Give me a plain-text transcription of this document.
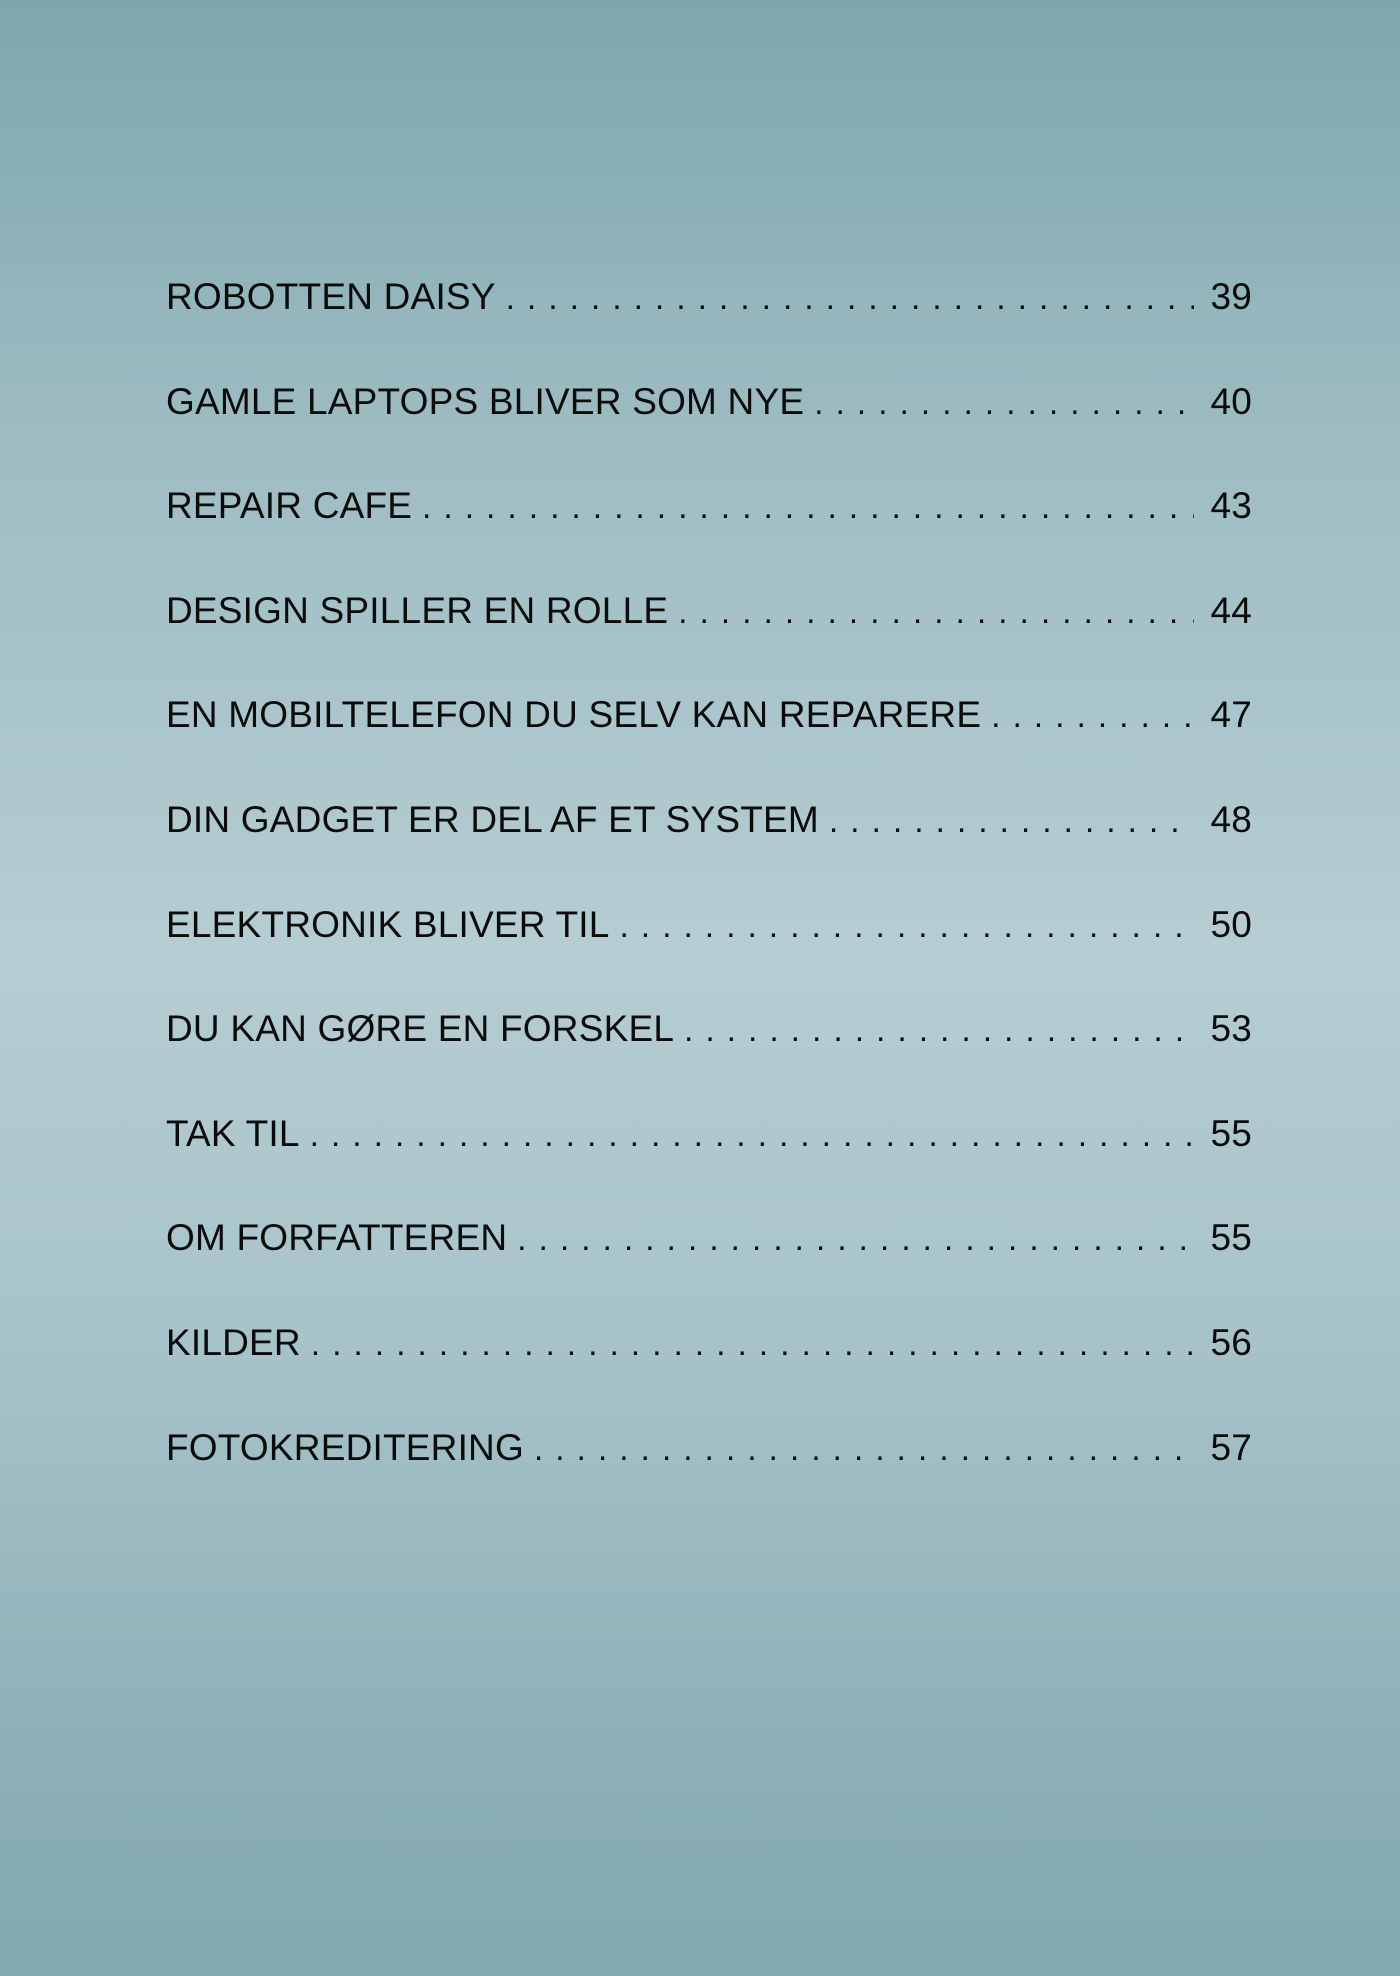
ROBOTTEN DAISY . . .	39
GAMLE LAPTOPS BLIVER SOM NYE . . .	40
REPAIR CAFE . . .	43
DESIGN SPILLER EN ROLLE . . .	44
EN MOBILTELEFON DU SELV KAN REPARERE . . .	47
DIN GADGET ER DEL AF ET SYSTEM . . .	48
ELEKTRONIK BLIVER TIL . . .	50
DU KAN GØRE EN FORSKEL . . .	53
TAK TIL . . .	55
OM FORFATTEREN . . .	55
KILDER . . .	56
FOTOKREDITERING . . .	57
